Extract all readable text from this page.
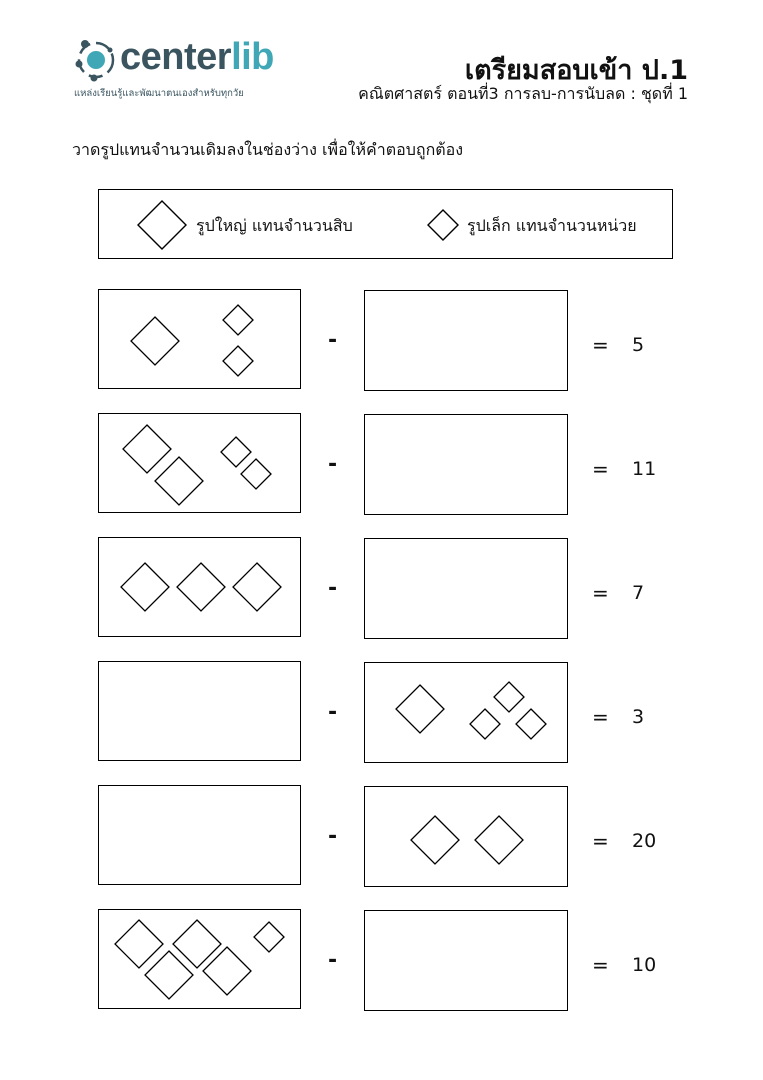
centerlib
แหล่งเรียนรู้และพัฒนาตนเองสำหรับทุกวัย
เตรียมสอบเข้า ป.1
คณิตศาสตร์ ตอนที่3 การลบ-การนับลด : ชุดที่ 1
วาดรูปแทนจำนวนเดิมลงในช่องว่าง เพื่อให้คำตอบถูกต้อง
รูปใหญ่ แทนจำนวนสิบ	รูปเล็ก แทนจำนวนหน่วย
-	= 5
-	= 11
-	= 7
-	= 3
-	= 20
-	= 10
